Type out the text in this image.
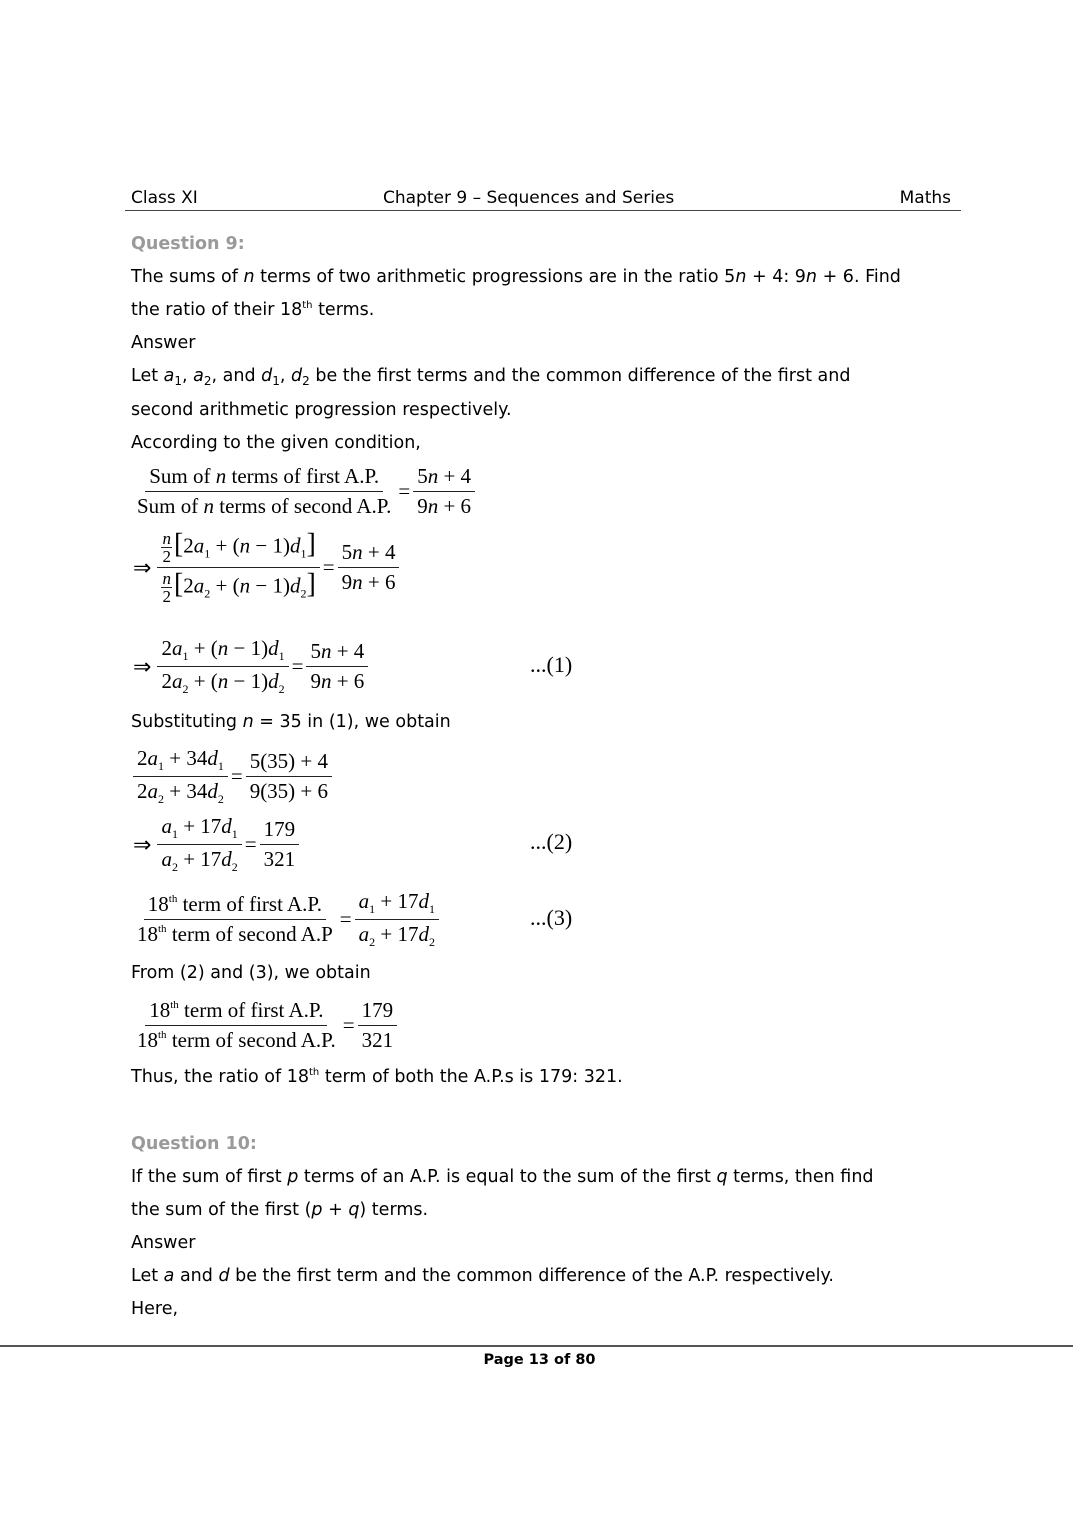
Class XI	Chapter 9 – Sequences and Series	Maths
Question 9:
The sums of n terms of two arithmetic progressions are in the ratio 5n + 4: 9n + 6. Find
the ratio of their 18th terms.
Answer
Let $a_1$, $a_2$, and $d_1$, $d_2$ be the first terms and the common difference of the first and
second arithmetic progression respectively.
According to the given condition,
$\frac{\text{Sum of n terms of first A.P.}}{\text{Sum of n terms of second A.P.}} = \frac{5n + 4}{9n + 6}$
⇒ $\frac{\frac{n}{2} [2a_1 + (n - 1)d_1]}{\frac{n}{2} [2a_2 + (n - 1)d_2]} = \frac{5n + 4}{9n + 6}$
⇒ $\frac{2a_1 + (n - 1)d_1}{2a_2 + (n - 1)d_2} = \frac{5n + 4}{9n + 6}$	...(1)
Substituting n = 35 in (1), we obtain
$\frac{2a_1 + 34d_1}{2a_2 + 34d_2} = \frac{5(35) + 4}{9(35) + 6}$
⇒ $\frac{a_1 + 17d_1}{a_2 + 17d_2} = \frac{179}{321}$	...(2)
$\frac{18^{th} term of first A.P.}{18^{th} term of second A.P} = \frac{a_1 + 17d_1}{a_2 + 17d_2}$	...(3)
From (2) and (3), we obtain
$\frac{18^{th} term of first A.P.}{18^{th} term of second A.P.} = \frac{179}{321}$
Thus, the ratio of 18th term of both the A.P.s is 179: 321.
Question 10:
If the sum of first p terms of an A.P. is equal to the sum of the first q terms, then find
the sum of the first (p + q) terms.
Answer
Let a and d be the first term and the common difference of the A.P. respectively.
Here,
Page 13 of 80
